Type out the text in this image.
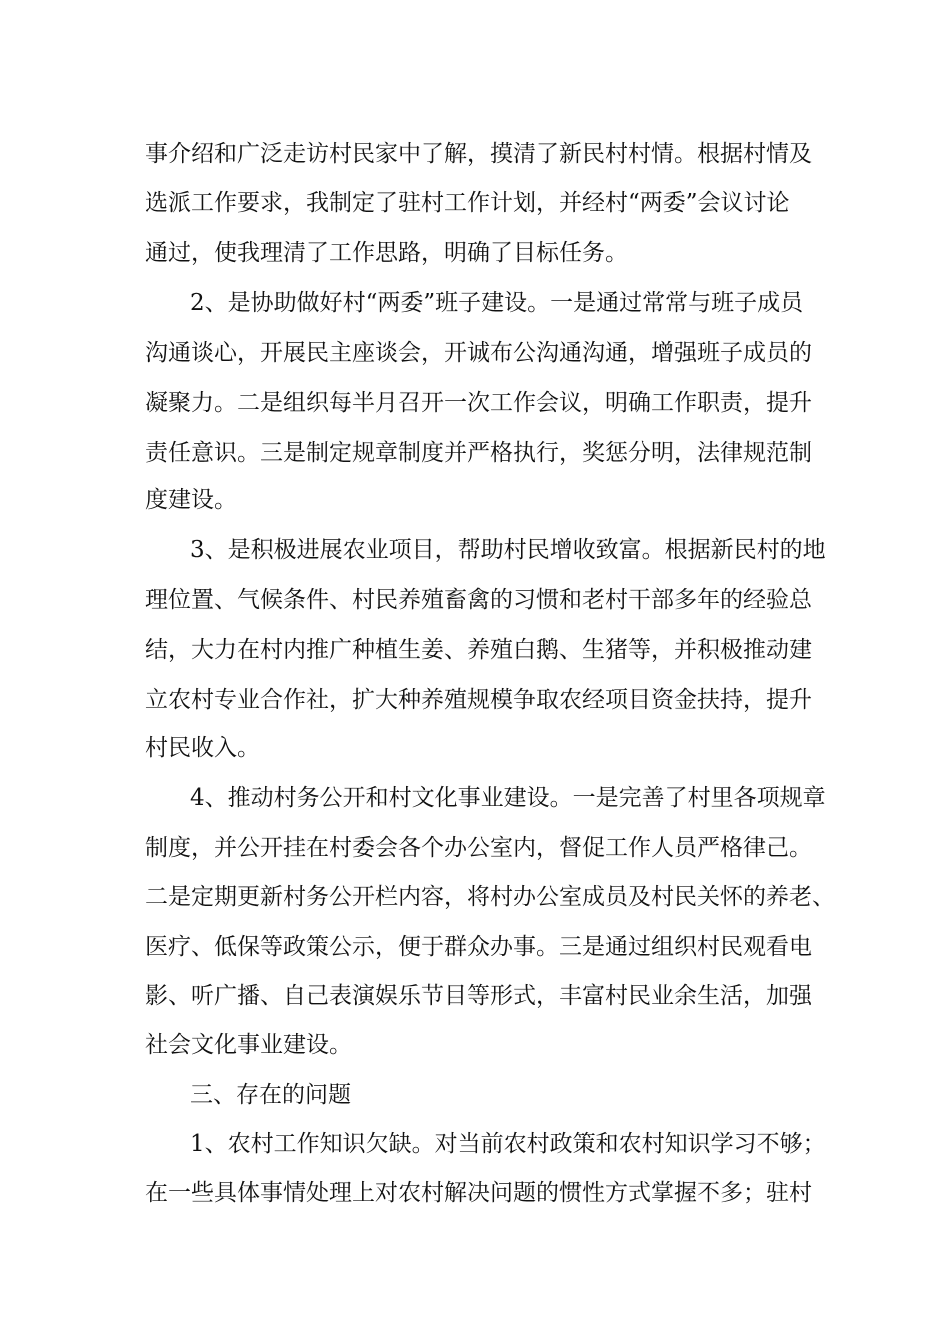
事介绍和广泛走访村民家中了解，摸清了新民村村情。根据村情及
选派工作要求，我制定了驻村工作计划，并经村“两委”会议讨论
通过，使我理清了工作思路，明确了目标任务。
2、是协助做好村“两委”班子建设。一是通过常常与班子成员
沟通谈心，开展民主座谈会，开诚布公沟通沟通，增强班子成员的
凝聚力。二是组织每半月召开一次工作会议，明确工作职责，提升
责任意识。三是制定规章制度并严格执行，奖惩分明，法律规范制
度建设。
3、是积极进展农业项目，帮助村民增收致富。根据新民村的地
理位置、气候条件、村民养殖畜禽的习惯和老村干部多年的经验总
结，大力在村内推广种植生姜、养殖白鹅、生猪等，并积极推动建
立农村专业合作社，扩大种养殖规模争取农经项目资金扶持，提升
村民收入。
4、推动村务公开和村文化事业建设。一是完善了村里各项规章
制度，并公开挂在村委会各个办公室内，督促工作人员严格律己。
二是定期更新村务公开栏内容，将村办公室成员及村民关怀的养老、
医疗、低保等政策公示，便于群众办事。三是通过组织村民观看电
影、听广播、自己表演娱乐节目等形式，丰富村民业余生活，加强
社会文化事业建设。
三、存在的问题
1、农村工作知识欠缺。对当前农村政策和农村知识学习不够；
在一些具体事情处理上对农村解决问题的惯性方式掌握不多；驻村
